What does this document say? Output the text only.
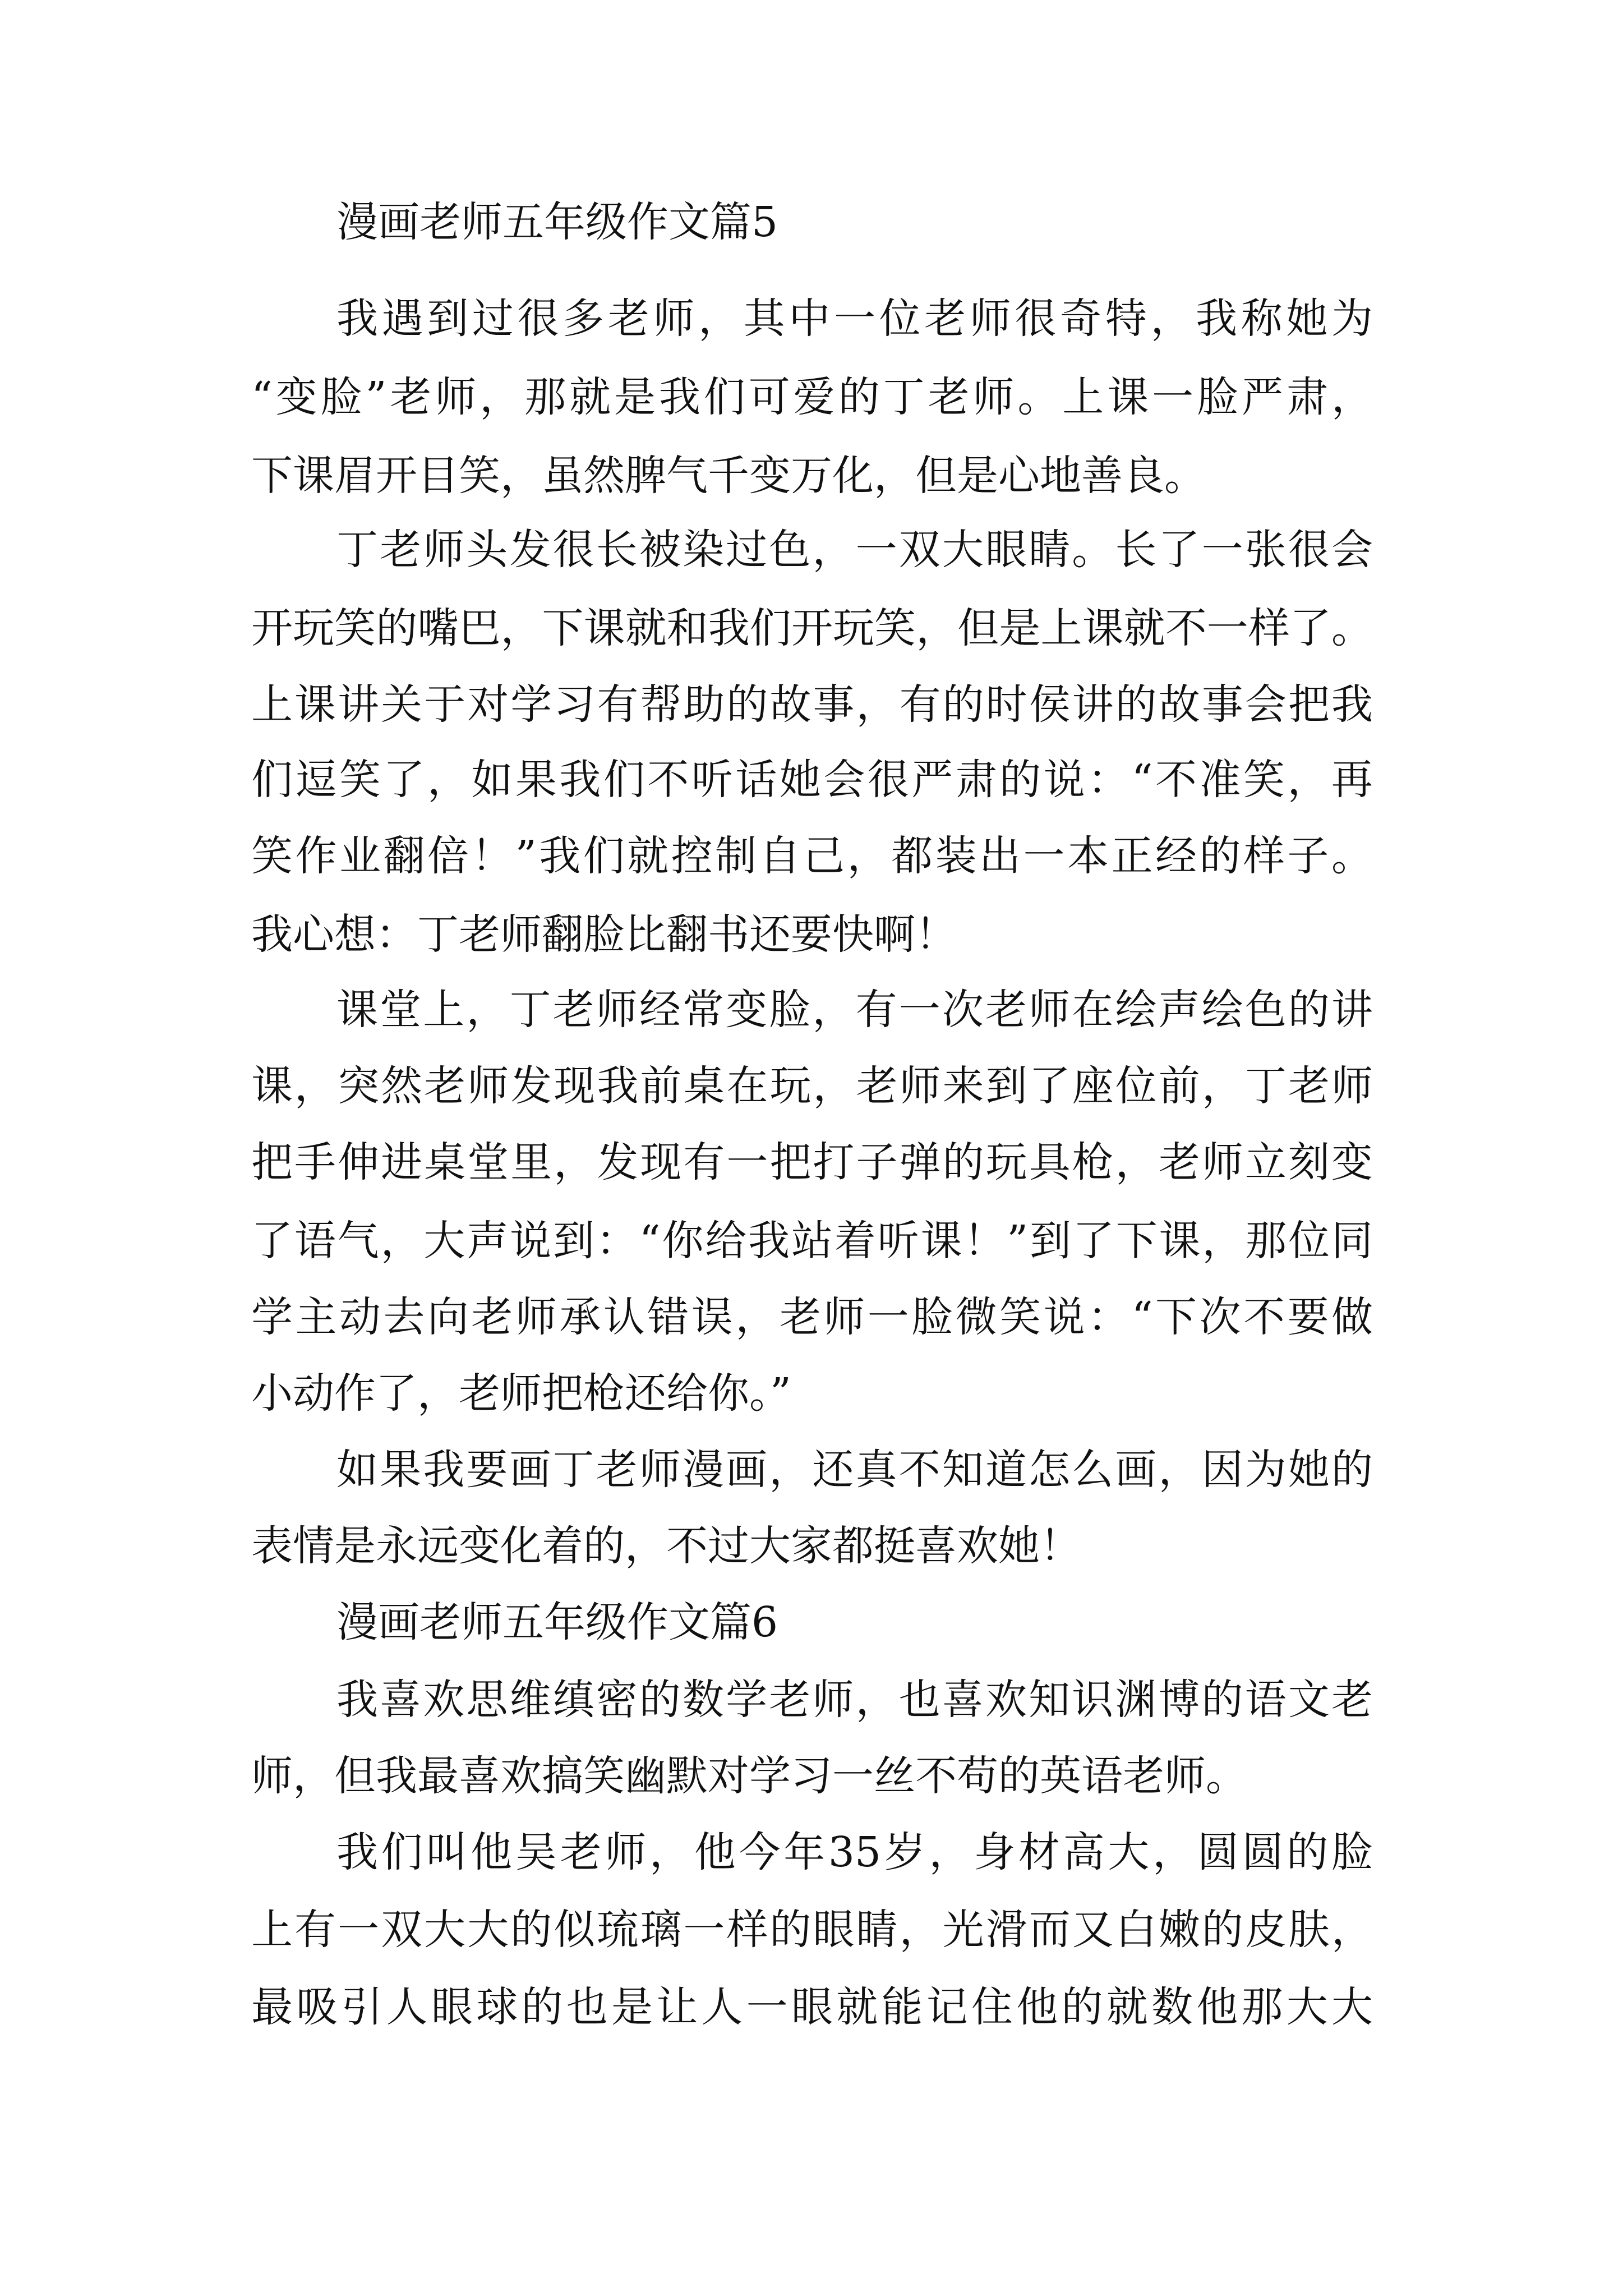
漫画老师五年级作文篇5
我遇到过很多老师，其中一位老师很奇特，我称她为
“变脸”老师，那就是我们可爱的丁老师。上课一脸严肃，
下课眉开目笑，虽然脾气千变万化，但是心地善良。
丁老师头发很长被染过色，一双大眼睛。长了一张很会
开玩笑的嘴巴，下课就和我们开玩笑，但是上课就不一样了。
上课讲关于对学习有帮助的故事，有的时侯讲的故事会把我
们逗笑了，如果我们不听话她会很严肃的说：“不准笑，再
笑作业翻倍！”我们就控制自己，都装出一本正经的样子。
我心想：丁老师翻脸比翻书还要快啊！
课堂上，丁老师经常变脸，有一次老师在绘声绘色的讲
课，突然老师发现我前桌在玩，老师来到了座位前，丁老师
把手伸进桌堂里，发现有一把打子弹的玩具枪，老师立刻变
了语气，大声说到：“你给我站着听课！”到了下课，那位同
学主动去向老师承认错误，老师一脸微笑说：“下次不要做
小动作了，老师把枪还给你。”
如果我要画丁老师漫画，还真不知道怎么画，因为她的
表情是永远变化着的，不过大家都挺喜欢她！
漫画老师五年级作文篇6
我喜欢思维缜密的数学老师，也喜欢知识渊博的语文老
师，但我最喜欢搞笑幽默对学习一丝不苟的英语老师。
我们叫他吴老师，他今年35岁，身材高大，圆圆的脸
上有一双大大的似琉璃一样的眼睛，光滑而又白嫩的皮肤，
最吸引人眼球的也是让人一眼就能记住他的就数他那大大
